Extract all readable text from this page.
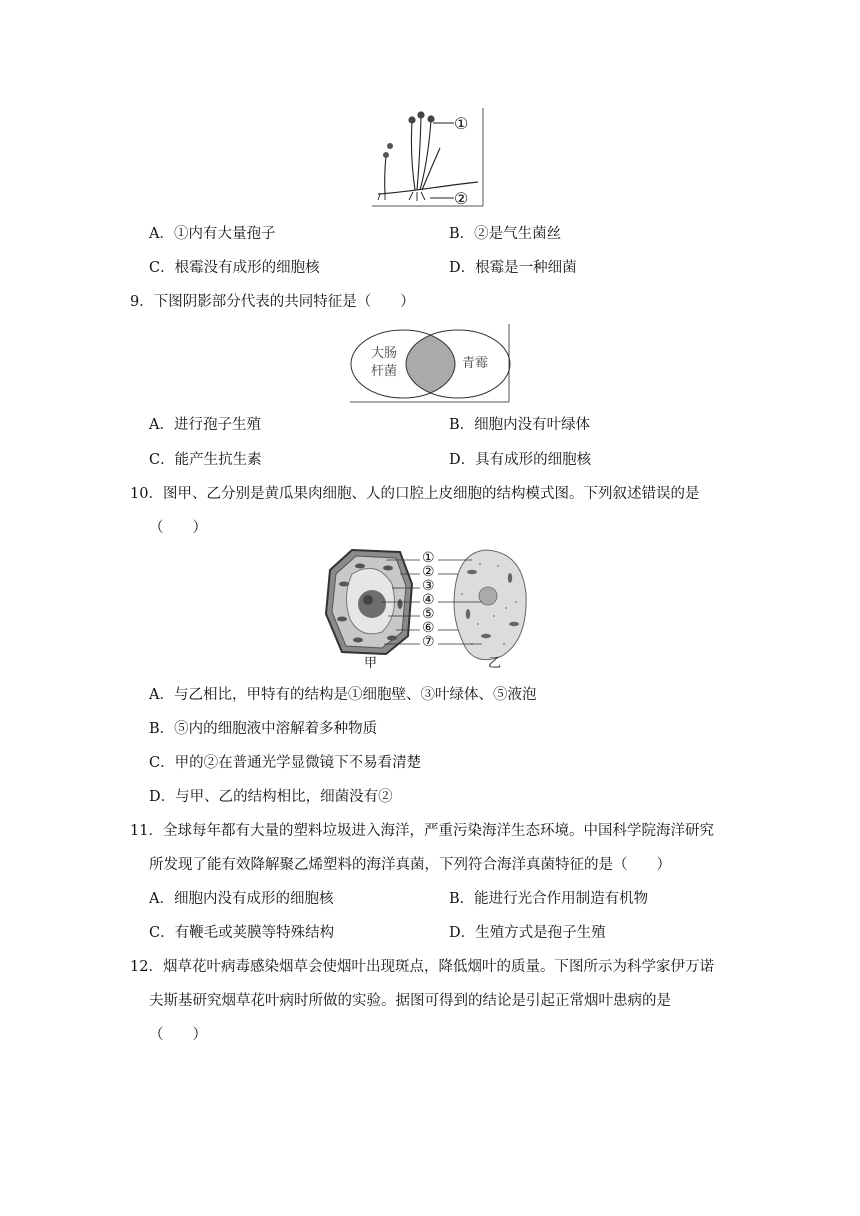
①
②
A．①内有大量孢子	B．②是气生菌丝
C．根霉没有成形的细胞核	D．根霉是一种细菌
9．下图阴影部分代表的共同特征是（　　）
大肠
杆菌
青霉
A．进行孢子生殖	B．细胞内没有叶绿体
C．能产生抗生素	D．具有成形的细胞核
10．图甲、乙分别是黄瓜果肉细胞、人的口腔上皮细胞的结构模式图。下列叙述错误的是
（　　）
①
②
③
④
⑤
⑥
⑦
甲	乙
A．与乙相比，甲特有的结构是①细胞壁、③叶绿体、⑤液泡
B．⑤内的细胞液中溶解着多种物质
C．甲的②在普通光学显微镜下不易看清楚
D．与甲、乙的结构相比，细菌没有②
11．全球每年都有大量的塑料垃圾进入海洋，严重污染海洋生态环境。中国科学院海洋研究
所发现了能有效降解聚乙烯塑料的海洋真菌，下列符合海洋真菌特征的是（　　）
A．细胞内没有成形的细胞核	B．能进行光合作用制造有机物
C．有鞭毛或荚膜等特殊结构	D．生殖方式是孢子生殖
12．烟草花叶病毒感染烟草会使烟叶出现斑点，降低烟叶的质量。下图所示为科学家伊万诺
夫斯基研究烟草花叶病时所做的实验。据图可得到的结论是引起正常烟叶患病的是
（　　）
